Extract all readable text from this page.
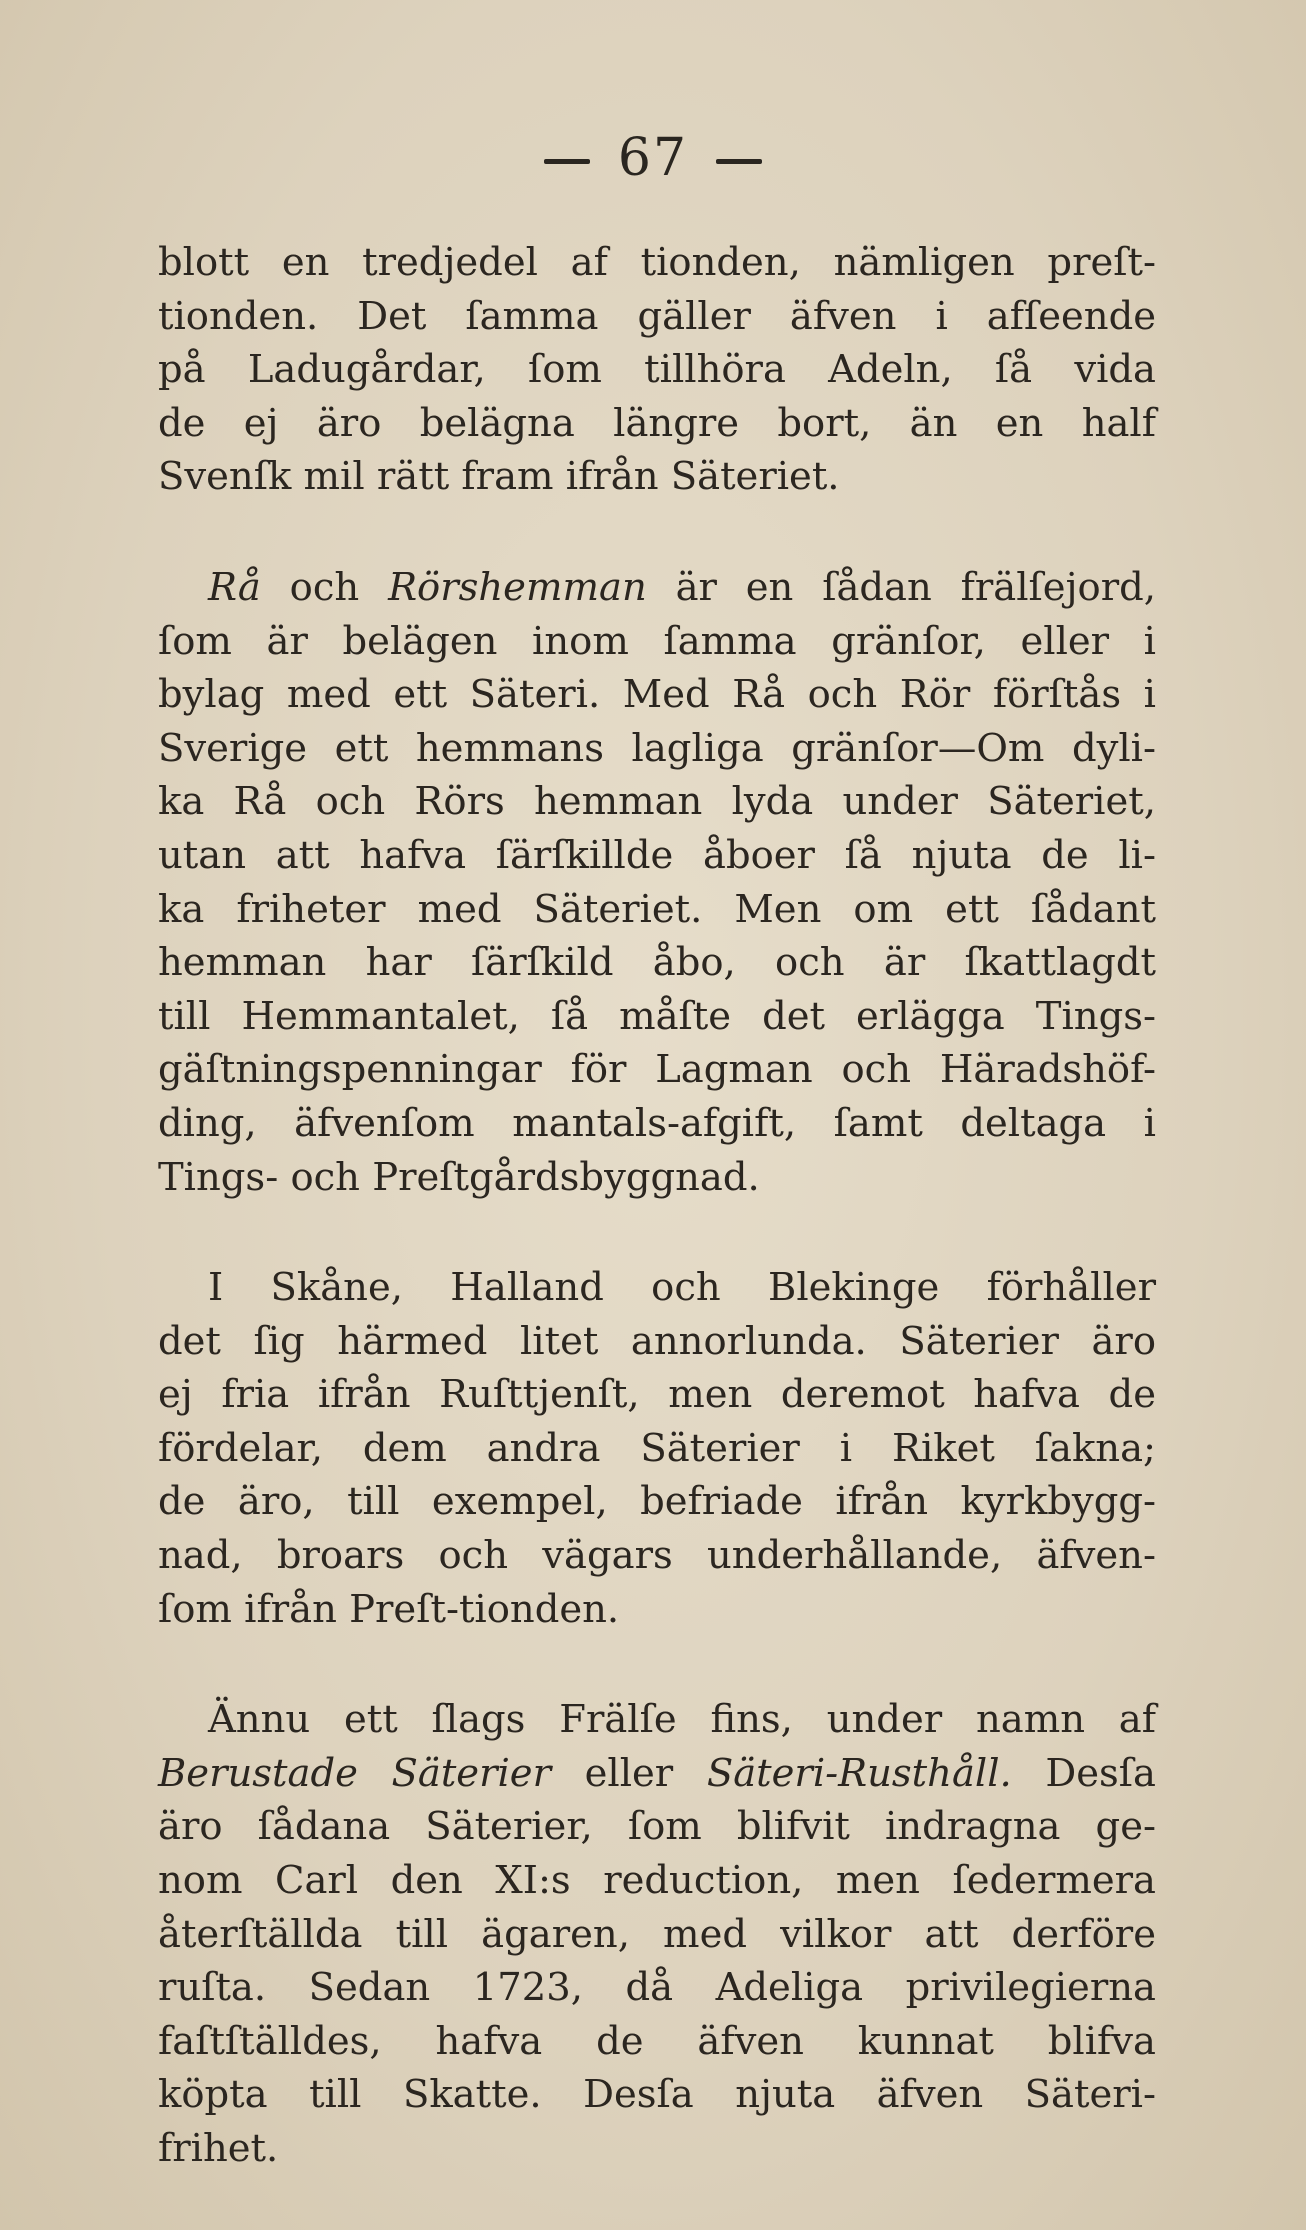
67
blott en tredjedel af tionden, nämligen preſt-
tionden. Det ſamma gäller äfven i afſeende
på Ladugårdar, ſom tillhöra Adeln, ſå vida
de ej äro belägna längre bort, än en half
Svenſk mil rätt fram ifrån Säteriet.
Rå och Rörshemman är en ſådan frälſejord,
ſom är belägen inom ſamma gränſor, eller i
bylag med ett Säteri. Med Rå och Rör förſtås i
Sverige ett hemmans lagliga gränſor—Om dyli-
ka Rå och Rörs hemman lyda under Säteriet,
utan att hafva ſärſkillde åboer ſå njuta de li-
ka friheter med Säteriet. Men om ett ſådant
hemman har ſärſkild åbo, och är ſkattlagdt
till Hemmantalet, ſå måſte det erlägga Tings-
gäſtningspenningar för Lagman och Häradshöf-
ding, äfvenſom mantals-afgift, ſamt deltaga i
Tings- och Preſtgårdsbyggnad.
I Skåne, Halland och Blekinge förhåller
det ſig härmed litet annorlunda. Säterier äro
ej fria ifrån Ruſttjenſt, men deremot hafva de
fördelar, dem andra Säterier i Riket ſakna;
de äro, till exempel, befriade ifrån kyrkbygg-
nad, broars och vägars underhållande, äfven-
ſom ifrån Preſt-tionden.
Ännu ett ſlags Frälſe fins, under namn af
Berustade Säterier eller Säteri-Rusthåll. Desſa
äro ſådana Säterier, ſom blifvit indragna ge-
nom Carl den XI:s reduction, men ſedermera
återſtällda till ägaren, med vilkor att derföre
ruſta. Sedan 1723, då Adeliga privilegierna
faſtſtälldes, hafva de äfven kunnat blifva
köpta till Skatte. Desſa njuta äfven Säteri-
frihet.
